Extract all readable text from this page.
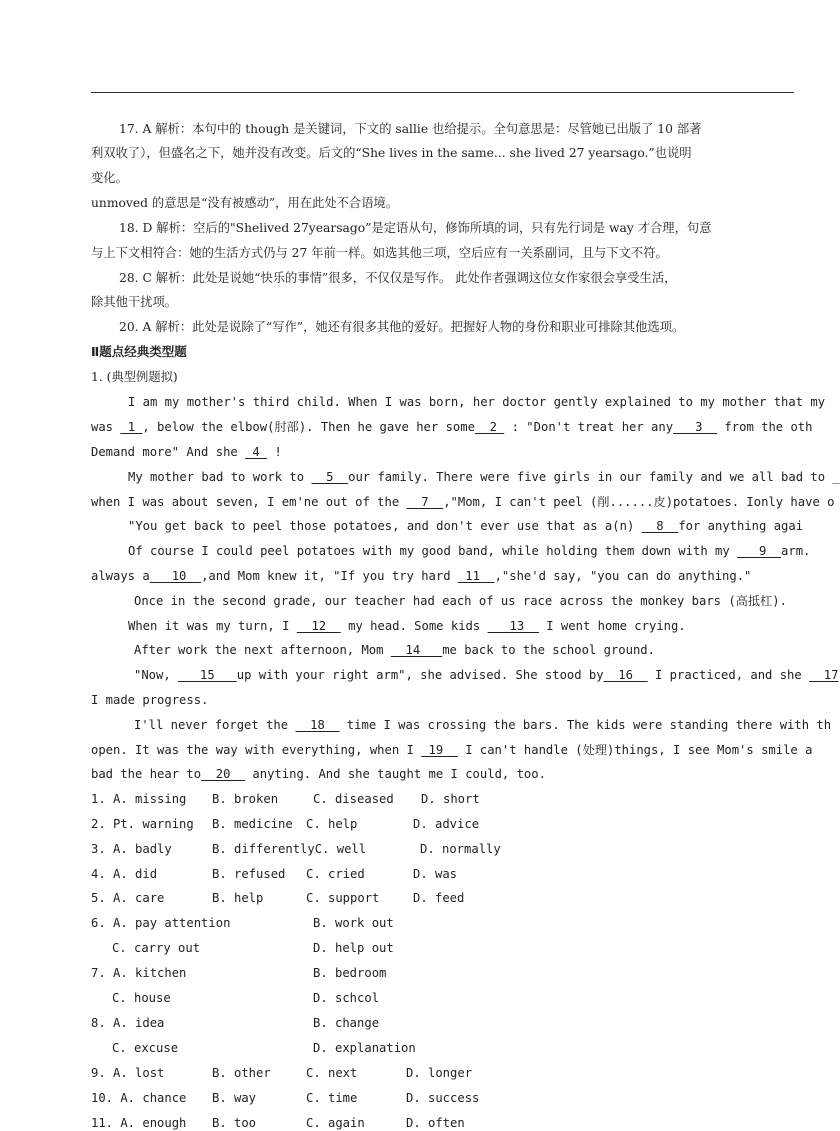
17. A 解析：本句中的 though 是关键词，下文的 sallie 也给提示。全句意思是：尽管她已出版了 10 部著
利双收了），但盛名之下，她并没有改变。后文的“She lives in the same... she lived 27 yearsago.”也说明
变化。
unmoved 的意思是“没有被感动”，用在此处不合语境。
18. D 解析：空后的"Shelived 27yearsago”是定语从句，修饰所填的词，只有先行词是 way 才合理，句意
与上下文相符合：她的生活方式仍与 27 年前一样。如选其他三项，空后应有一关系副词，且与下文不符。
28. C 解析：此处是说她“快乐的事情”很多，不仅仅是写作。 此处作者强调这位女作家很会享受生活，
除其他干扰项。
20. A 解析：此处是说除了“写作”，她还有很多其他的爱好。把握好人物的身份和职业可排除其他选项。
Ⅱ题点经典类型题
1. (典型例题拟)
I am my mother's third child. When I was born, her doctor gently explained to my mother that my
was  1 , below the elbow(肘部). Then he gave her some  2  : "Don't treat her any   3   from the oth
Demand more" And she  4  !
My mother bad to work to   5  our family. There were five girls in our family and we all bad to _
when I was about seven, I em'ne out of the   7  ,"Mom, I can't peel (削......皮)potatoes. Ionly have o
"You get back to peel those potatoes, and don't ever use that as a(n)   8  for anything agai
Of course I could peel potatoes with my good band, while holding them down with my    9  arm.
always a   10  ,and Mom knew it, "If you try hard  11  ,"she'd say, "you can do anything."
Once in the second grade, our teacher had each of us race across the monkey bars (高抵杠).
When it was my turn, I   12   my head. Some kids    13   I went home crying.
After work the next afternoon, Mom   14   me back to the school ground.
"Now,    15   up with your right arm", she advised. She stood by  16   I practiced, and she   17
I made progress.
I'll never forget the   18   time I was crossing the bars. The kids were standing there with th
open. It was the way with everything, when I  19   I can't handle (处理)things, I see Mom's smile a
bad the hear to  20   anyting. And she taught me I could, too.
1. A. missing B. broken	C. diseased D. short
2. Pt. warning B. medicine C. help	D. advice
3. A. badly	B. differentlyC. well	D. normally
4. A. did	B. refused C. cried	D. was
5. A. care	B. help	C. support	D. feed
6. A. pay attention	B. work out
C. carry out	D. help out
7. A. kitchen	B. bedroom
C. house	D. schcol
8. A. idea	B. change
C. excuse	D. explanation
9. A. lost	B. other	C. next	D. longer
10. A. chance B. way	C. time	D. success
11. A. enough B. too	C. again	D. often
